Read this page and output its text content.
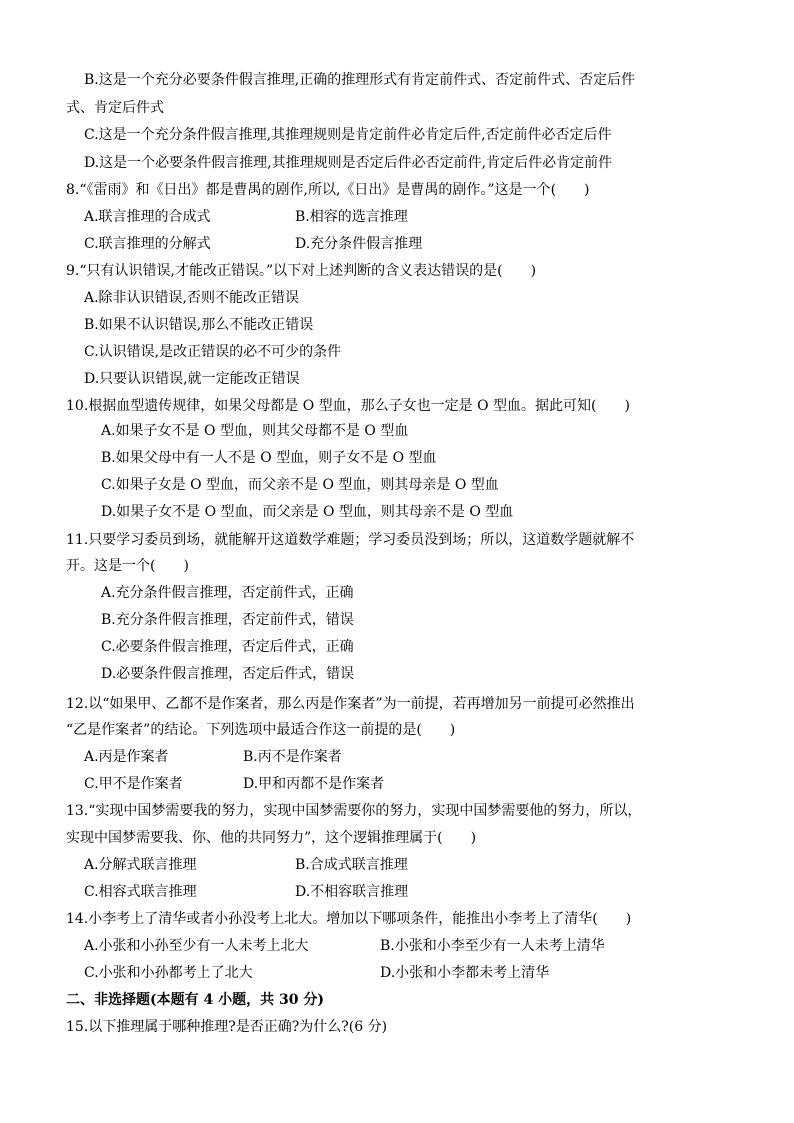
B.这是一个充分必要条件假言推理,正确的推理形式有肯定前件式、否定前件式、否定后件
式、肯定后件式
C.这是一个充分条件假言推理,其推理规则是肯定前件必肯定后件,否定前件必否定后件
D.这是一个必要条件假言推理,其推理规则是否定后件必否定前件,肯定后件必肯定前件
8.“《雷雨》和《日出》都是曹禺的剧作,所以,《日出》是曹禺的剧作。”这是一个(　　)
A.联言推理的合成式	B.相容的选言推理
C.联言推理的分解式	D.充分条件假言推理
9.“只有认识错误,才能改正错误。”以下对上述判断的含义表达错误的是(　　)
A.除非认识错误,否则不能改正错误
B.如果不认识错误,那么不能改正错误
C.认识错误,是改正错误的必不可少的条件
D.只要认识错误,就一定能改正错误
10.根据血型遗传规律，如果父母都是 O 型血，那么子女也一定是 O 型血。据此可知(　　)
A.如果子女不是 O 型血，则其父母都不是 O 型血
B.如果父母中有一人不是 O 型血，则子女不是 O 型血
C.如果子女是 O 型血，而父亲不是 O 型血，则其母亲是 O 型血
D.如果子女不是 O 型血，而父亲是 O 型血，则其母亲不是 O 型血
11.只要学习委员到场，就能解开这道数学难题；学习委员没到场；所以，这道数学题就解不
开。这是一个(　　)
A.充分条件假言推理，否定前件式，正确
B.充分条件假言推理，否定前件式，错误
C.必要条件假言推理，否定后件式，正确
D.必要条件假言推理，否定后件式，错误
12.以“如果甲、乙都不是作案者，那么丙是作案者”为一前提，若再增加另一前提可必然推出
“乙是作案者”的结论。下列选项中最适合作这一前提的是(　　)
A.丙是作案者	B.丙不是作案者
C.甲不是作案者	D.甲和丙都不是作案者
13.“实现中国梦需要我的努力，实现中国梦需要你的努力，实现中国梦需要他的努力，所以，
实现中国梦需要我、你、他的共同努力”，这个逻辑推理属于(　　)
A.分解式联言推理	B.合成式联言推理
C.相容式联言推理	D.不相容联言推理
14.小李考上了清华或者小孙没考上北大。增加以下哪项条件，能推出小李考上了清华(　　)
A.小张和小孙至少有一人未考上北大	B.小张和小李至少有一人未考上清华
C.小张和小孙都考上了北大	D.小张和小李都未考上清华
二、非选择题(本题有 4 小题，共 30 分)
15.以下推理属于哪种推理?是否正确?为什么?(6 分)
